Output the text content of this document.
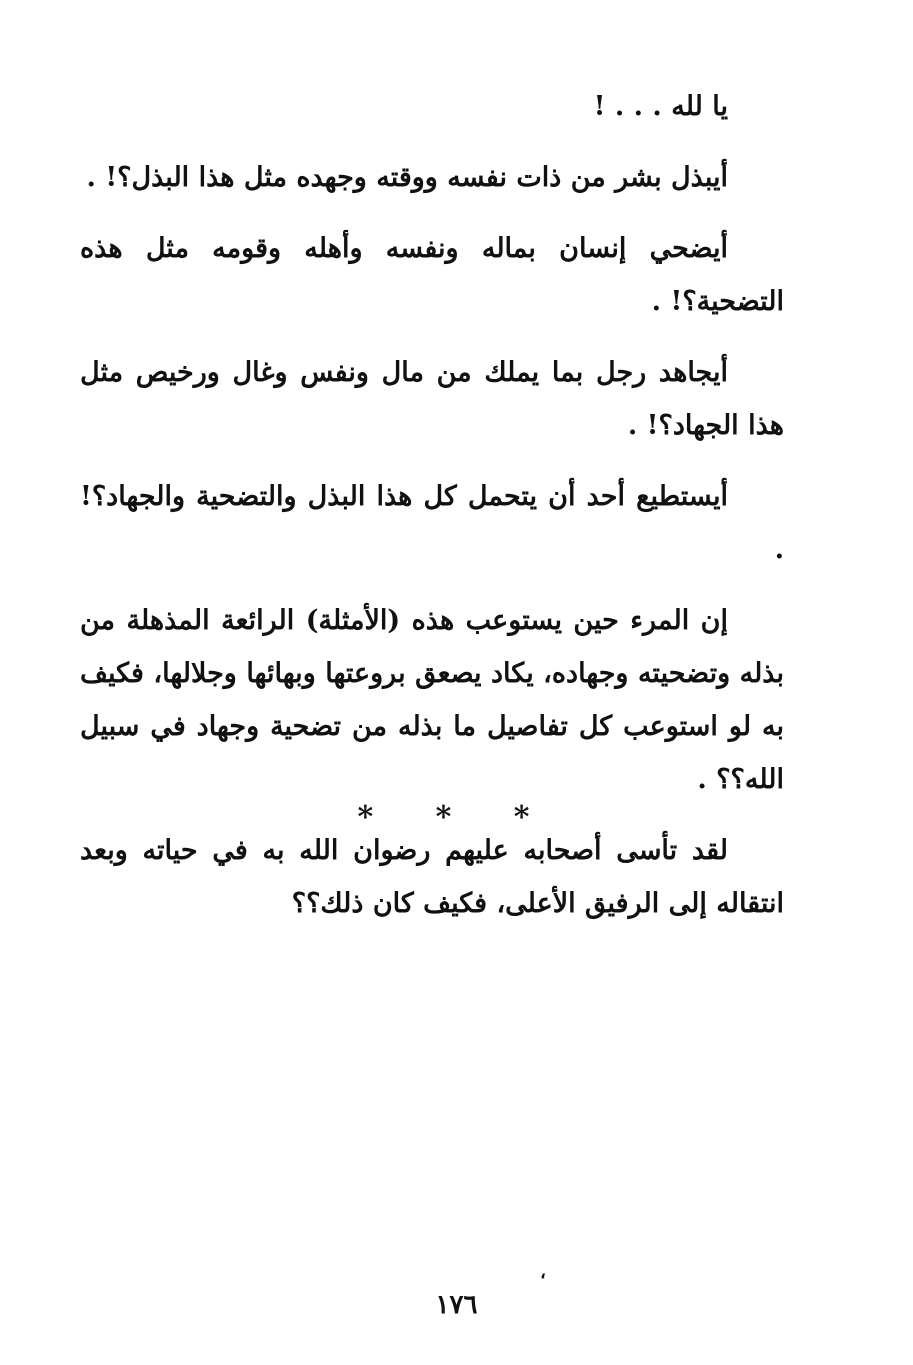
يا لله . . . !

أيبذل بشر من ذات نفسه ووقته وجهده مثل هذا البذل؟! .

أيضحي إنسان بماله ونفسه وأهله وقومه مثل هذه التضحية؟! .

أيجاهد رجل بما يملك من مال ونفس وغال ورخيص مثل هذا الجهاد؟! .

أيستطيع أحد أن يتحمل كل هذا البذل والتضحية والجهاد؟! .

إن المرء حين يستوعب هذه (الأمثلة) الرائعة المذهلة من بذله وتضحيته وجهاده، يكاد يصعق بروعتها وبهائها وجلالها، فكيف به لو استوعب كل تفاصيل ما بذله من تضحية وجهاد في سبيل الله؟؟ .

لقد تأسى أصحابه عليهم رضوان الله به في حياته وبعد انتقاله إلى الرفيق الأعلى، فكيف كان ذلك؟؟

* * *
،
١٧٦
